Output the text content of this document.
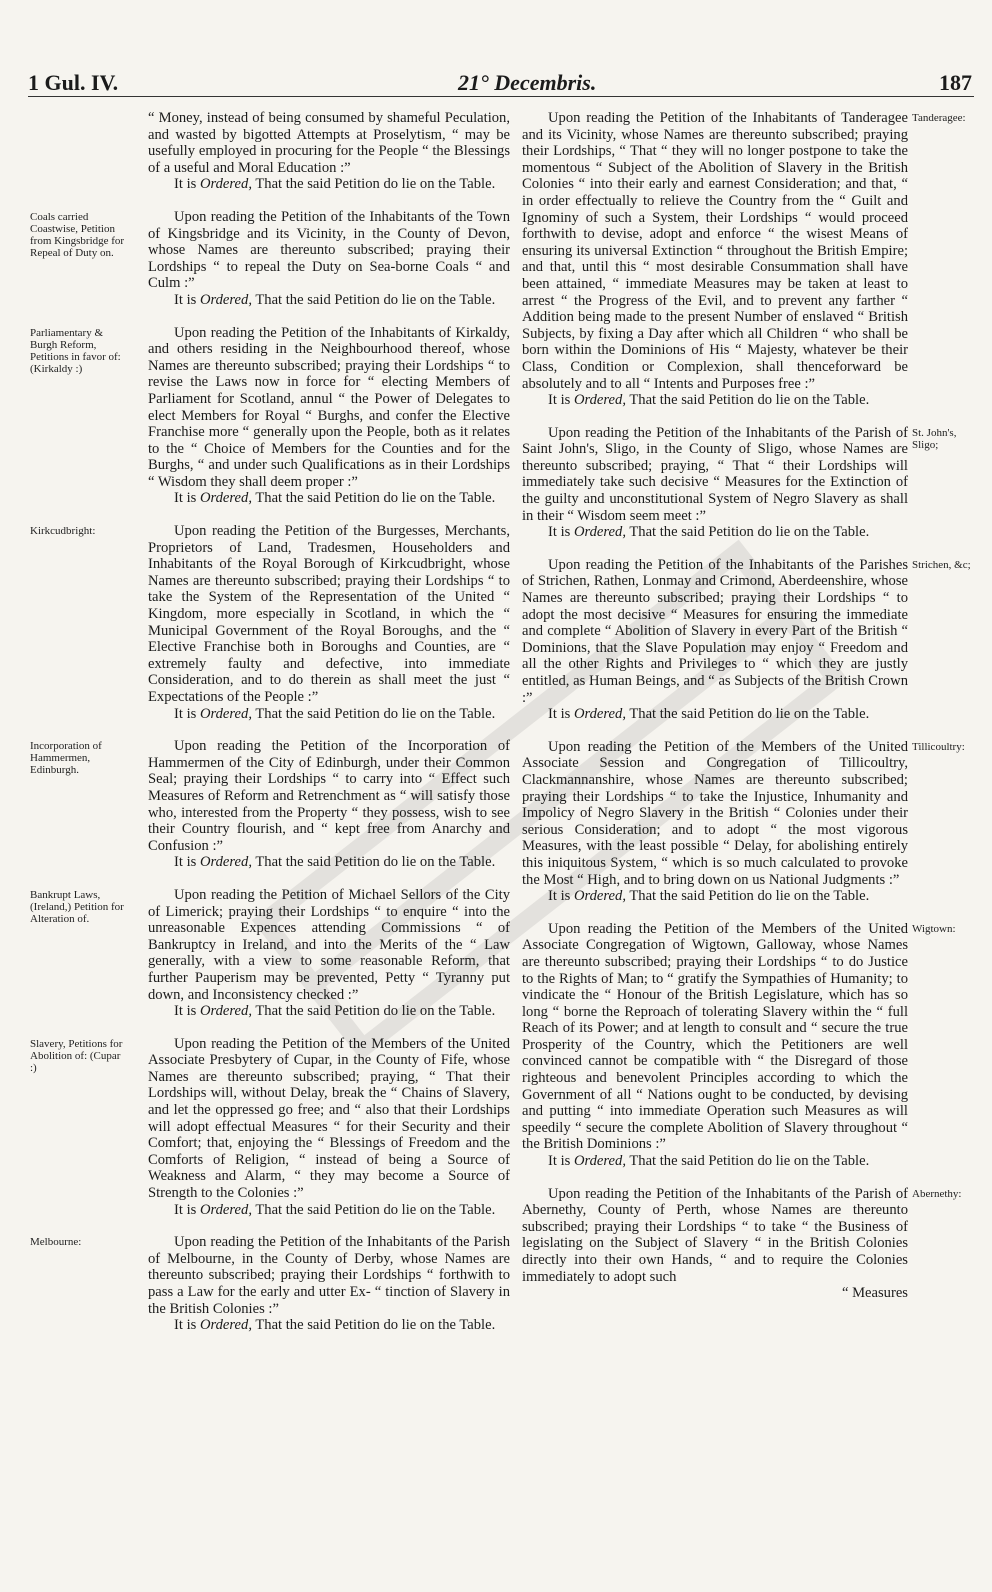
1 Gul. IV.	21° Decembris.	187

“ Money, instead of being consumed by shameful Peculation, and wasted by bigotted Attempts at Proselytism, “ may be usefully employed in procuring for the People “ the Blessings of a useful and Moral Education :”

It is Ordered, That the said Petition do lie on the Table.

Coals carried Coastwise, Petition from Kingsbridge for Repeal of Duty on.

Upon reading the Petition of the Inhabitants of the Town of Kingsbridge and its Vicinity, in the County of Devon, whose Names are thereunto subscribed; praying their Lordships “ to repeal the Duty on Sea-borne Coals “ and Culm :”

It is Ordered, That the said Petition do lie on the Table.

Parliamentary & Burgh Reform, Petitions in favor of: (Kirkaldy :)

Upon reading the Petition of the Inhabitants of Kirkaldy, and others residing in the Neighbourhood thereof, whose Names are thereunto subscribed; praying their Lordships “ to revise the Laws now in force for “ electing Members of Parliament for Scotland, annul “ the Power of Delegates to elect Members for Royal “ Burghs, and confer the Elective Franchise more “ generally upon the People, both as it relates to the “ Choice of Members for the Counties and for the Burghs, “ and under such Qualifications as in their Lordships “ Wisdom they shall deem proper :”

It is Ordered, That the said Petition do lie on the Table.

Kirkcudbright:	Upon reading the Petition of the Burgesses, Merchants, Proprietors of Land, Tradesmen, Householders and Inhabitants of the Royal Borough of Kirkcudbright, whose Names are thereunto subscribed; praying their Lordships “ to take the System of the Representation of the United “ Kingdom, more especially in Scotland, in which the “ Municipal Government of the Royal Boroughs, and the “ Elective Franchise both in Boroughs and Counties, are “ extremely faulty and defective, into immediate Consideration, and to do therein as shall meet the just “ Expectations of the People :”

It is Ordered, That the said Petition do lie on the Table.

Incorporation of Hammermen, Edinburgh.

Upon reading the Petition of the Incorporation of Hammermen of the City of Edinburgh, under their Common Seal; praying their Lordships “ to carry into “ Effect such Measures of Reform and Retrenchment as “ will satisfy those who, interested from the Property “ they possess, wish to see their Country flourish, and “ kept free from Anarchy and Confusion :”

It is Ordered, That the said Petition do lie on the Table.

Bankrupt Laws, (Ireland,) Petition for Alteration of.

Upon reading the Petition of Michael Sellors of the City of Limerick; praying their Lordships “ to enquire “ into the unreasonable Expences attending Commissions “ of Bankruptcy in Ireland, and into the Merits of the “ Law generally, with a view to some reasonable Reform, that further Pauperism may be prevented, Petty “ Tyranny put down, and Inconsistency checked :”

It is Ordered, That the said Petition do lie on the Table.

Slavery, Petitions for Abolition of: (Cupar :)

Upon reading the Petition of the Members of the United Associate Presbytery of Cupar, in the County of Fife, whose Names are thereunto subscribed; praying, “ That their Lordships will, without Delay, break the “ Chains of Slavery, and let the oppressed go free; and “ also that their Lordships will adopt effectual Measures “ for their Security and their Comfort; that, enjoying the “ Blessings of Freedom and the Comforts of Religion, “ instead of being a Source of Weakness and Alarm, “ they may become a Source of Strength to the Colonies :”

It is Ordered, That the said Petition do lie on the Table.

Melbourne:	Upon reading the Petition of the Inhabitants of the Parish of Melbourne, in the County of Derby, whose Names are thereunto subscribed; praying their Lordships “ forthwith to pass a Law for the early and utter Ex- “ tinction of Slavery in the British Colonies :”

It is Ordered, That the said Petition do lie on the Table.

Tanderagee:

Upon reading the Petition of the Inhabitants of Tanderagee and its Vicinity, whose Names are thereunto subscribed; praying their Lordships, “ That “ they will no longer postpone to take the momentous “ Subject of the Abolition of Slavery in the British Colonies “ into their early and earnest Consideration; and that, “ in order effectually to relieve the Country from the “ Guilt and Ignominy of such a System, their Lordships “ would proceed forthwith to devise, adopt and enforce “ the wisest Means of ensuring its universal Extinction “ throughout the British Empire; and that, until this “ most desirable Consummation shall have been attained, “ immediate Measures may be taken at least to arrest “ the Progress of the Evil, and to prevent any farther “ Addition being made to the present Number of enslaved “ British Subjects, by fixing a Day after which all Children “ who shall be born within the Dominions of His “ Majesty, whatever be their Class, Condition or Complexion, shall thenceforward be absolutely and to all “ Intents and Purposes free :”

It is Ordered, That the said Petition do lie on the Table.

St. John's, Sligo;

Upon reading the Petition of the Inhabitants of the Parish of Saint John's, Sligo, in the County of Sligo, whose Names are thereunto subscribed; praying, “ That “ their Lordships will immediately take such decisive “ Measures for the Extinction of the guilty and unconstitutional System of Negro Slavery as shall in their “ Wisdom seem meet :”

It is Ordered, That the said Petition do lie on the Table.

Strichen, &c;

Upon reading the Petition of the Inhabitants of the Parishes of Strichen, Rathen, Lonmay and Crimond, Aberdeenshire, whose Names are thereunto subscribed; praying their Lordships “ to adopt the most decisive “ Measures for ensuring the immediate and complete “ Abolition of Slavery in every Part of the British “ Dominions, that the Slave Population may enjoy “ Freedom and all the other Rights and Privileges to “ which they are justly entitled, as Human Beings, and “ as Subjects of the British Crown :”

It is Ordered, That the said Petition do lie on the Table.

Tillicoultry:

Upon reading the Petition of the Members of the United Associate Session and Congregation of Tillicoultry, Clackmannanshire, whose Names are thereunto subscribed; praying their Lordships “ to take the Injustice, Inhumanity and Impolicy of Negro Slavery in the British “ Colonies under their serious Consideration; and to adopt “ the most vigorous Measures, with the least possible “ Delay, for abolishing entirely this iniquitous System, “ which is so much calculated to provoke the Most “ High, and to bring down on us National Judgments :”

It is Ordered, That the said Petition do lie on the Table.

Wigtown:

Upon reading the Petition of the Members of the United Associate Congregation of Wigtown, Galloway, whose Names are thereunto subscribed; praying their Lordships “ to do Justice to the Rights of Man; to “ gratify the Sympathies of Humanity; to vindicate the “ Honour of the British Legislature, which has so long “ borne the Reproach of tolerating Slavery within the “ full Reach of its Power; and at length to consult and “ secure the true Prosperity of the Country, which the Petitioners are well convinced cannot be compatible with “ the Disregard of those righteous and benevolent Principles according to which the Government of all “ Nations ought to be conducted, by devising and putting “ into immediate Operation such Measures as will speedily “ secure the complete Abolition of Slavery throughout “ the British Dominions :”

It is Ordered, That the said Petition do lie on the Table.

Abernethy:

Upon reading the Petition of the Inhabitants of the Parish of Abernethy, County of Perth, whose Names are thereunto subscribed; praying their Lordships “ to take “ the Business of legislating on the Subject of Slavery “ in the British Colonies directly into their own Hands, “ and to require the Colonies immediately to adopt such

“ Measures
